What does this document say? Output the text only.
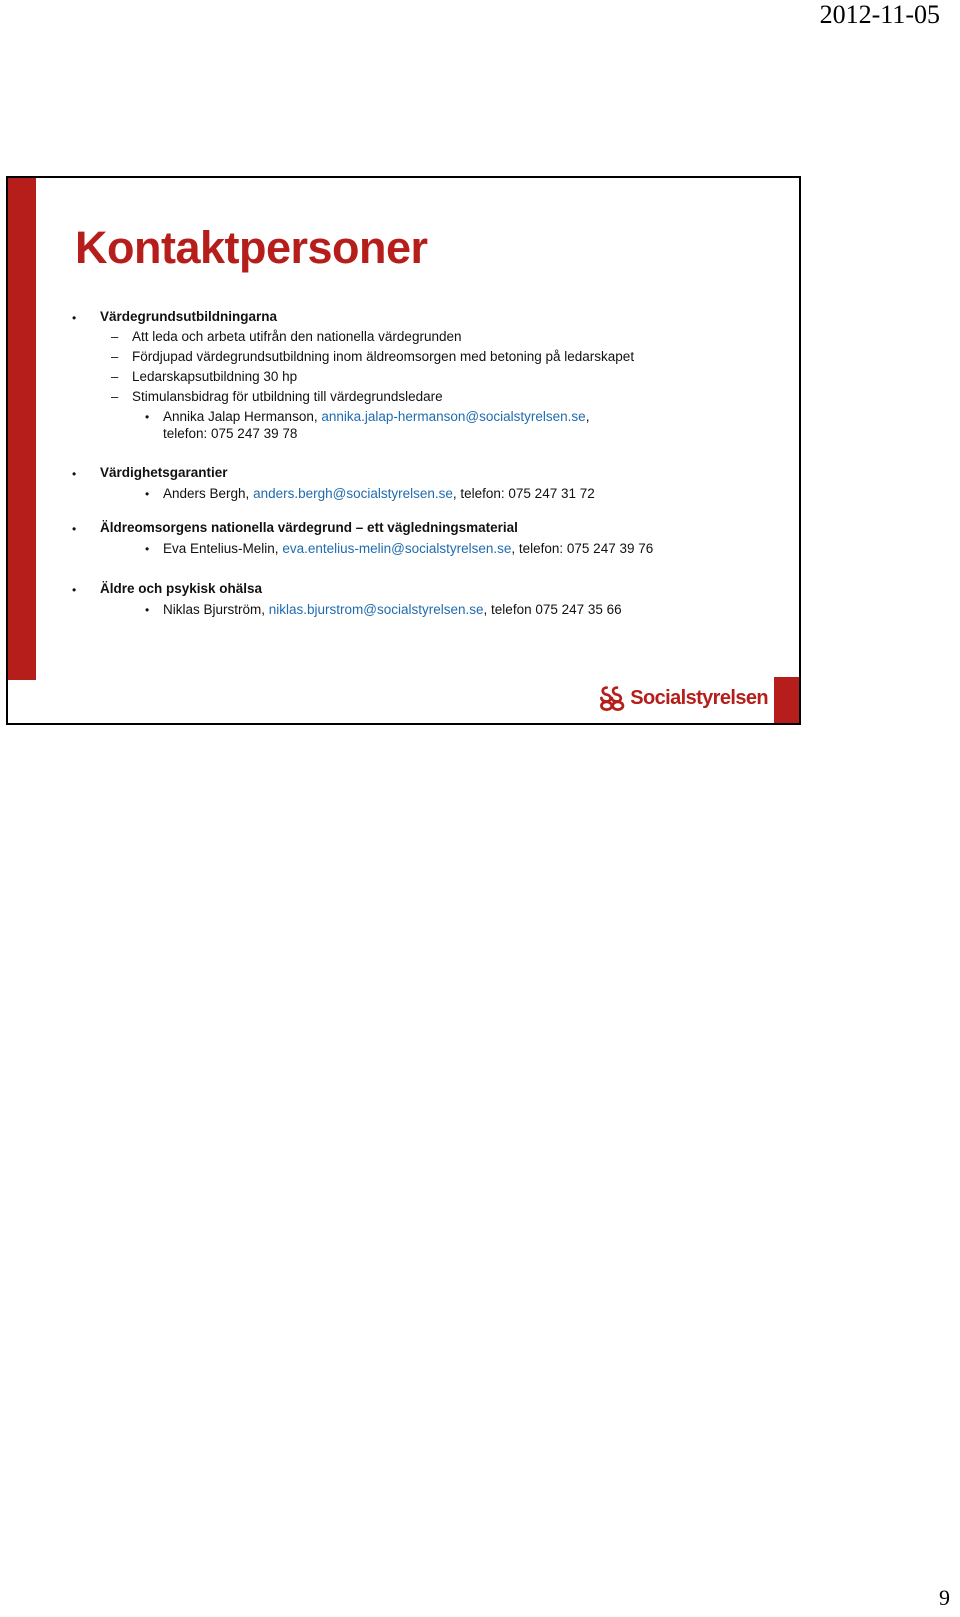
2012-11-05
Kontaktpersoner
• Värdegrundsutbildningarna
– Att leda och arbeta utifrån den nationella värdegrunden
– Fördjupad värdegrundsutbildning inom äldreomsorgen med betoning på ledarskapet
– Ledarskapsutbildning 30 hp
– Stimulansbidrag för utbildning till värdegrundsledare
• Annika Jalap Hermanson, annika.jalap-hermanson@socialstyrelsen.se,
telefon: 075 247 39 78
• Värdighetsgarantier
• Anders Bergh, anders.bergh@socialstyrelsen.se, telefon: 075 247 31 72
• Äldreomsorgens nationella värdegrund – ett vägledningsmaterial
• Eva Entelius-Melin, eva.entelius-melin@socialstyrelsen.se, telefon: 075 247 39 76
• Äldre och psykisk ohälsa
• Niklas Bjurström, niklas.bjurstrom@socialstyrelsen.se, telefon 075 247 35 66
Socialstyrelsen
9
